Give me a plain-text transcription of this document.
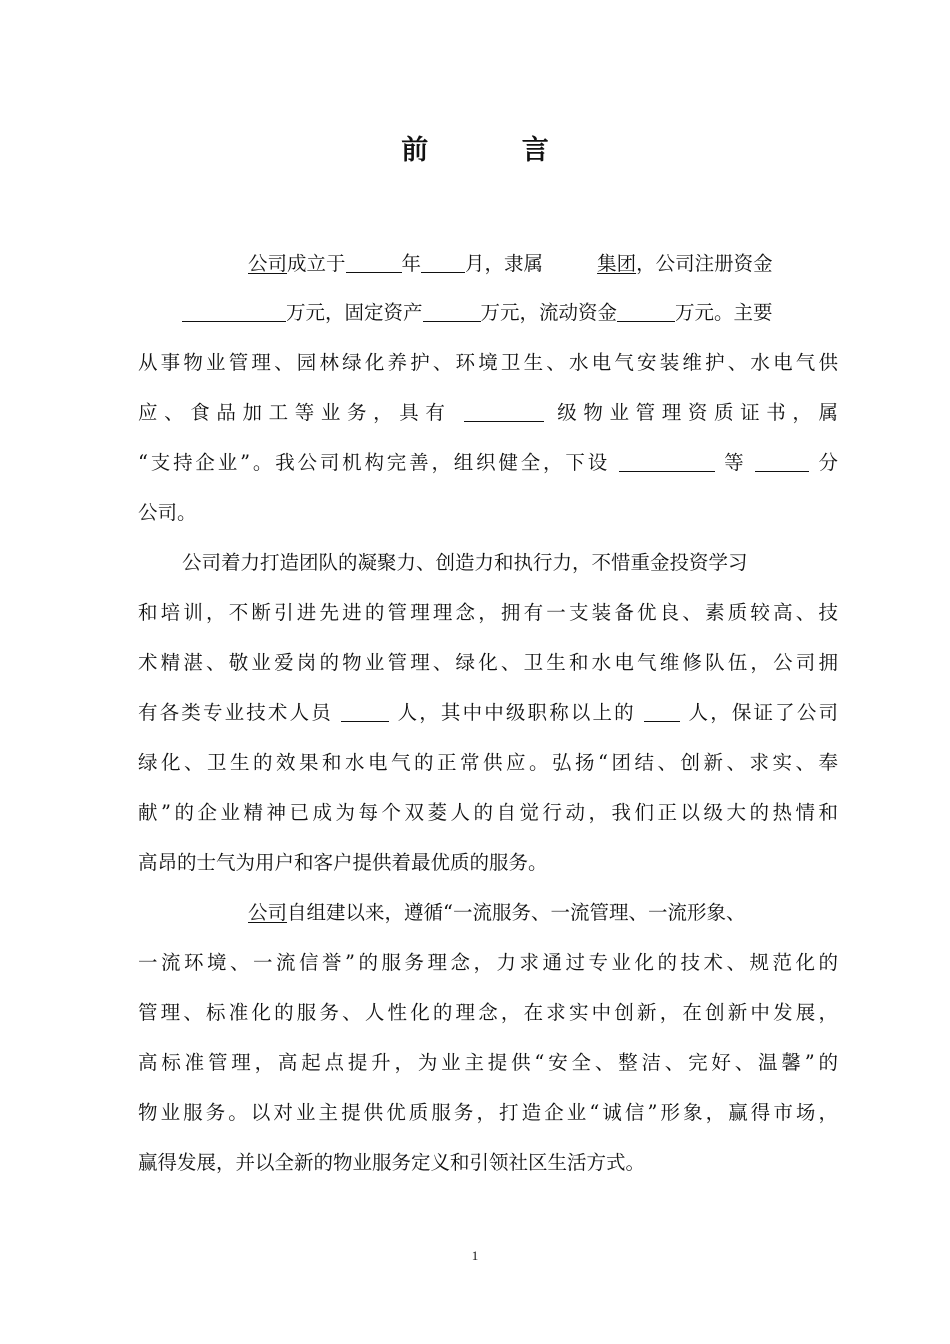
前 言
公司成立于	年 月，隶属	集团，公司注册资金
万元，固定资产	万元，流动资金	万元。主要
从事物业管理、园林绿化养护、环境卫生、水电气安装维护、水电气供
应、食品加工等业务，具有	级物业管理资质证书，属
“支持企业”。我公司机构完善，组织健全，下设	等	分
公司。
公司着力打造团队的凝聚力、创造力和执行力，不惜重金投资学习
和培训，不断引进先进的管理理念，拥有一支装备优良、素质较高、技
术精湛、敬业爱岗的物业管理、绿化、卫生和水电气维修队伍，公司拥
有各类专业技术人员	人，其中中级职称以上的	人，保证了公司
绿化、卫生的效果和水电气的正常供应。弘扬“团结、创新、求实、奉
献”的企业精神已成为每个双菱人的自觉行动，我们正以级大的热情和
高昂的士气为用户和客户提供着最优质的服务。
公司自组建以来，遵循“一流服务、一流管理、一流形象、
一流环境、一流信誉”的服务理念，力求通过专业化的技术、规范化的
管理、标准化的服务、人性化的理念，在求实中创新，在创新中发展，
高标准管理，高起点提升，为业主提供“安全、整洁、完好、温馨”的
物业服务。以对业主提供优质服务，打造企业“诚信”形象，赢得市场，
赢得发展，并以全新的物业服务定义和引领社区生活方式。
1
